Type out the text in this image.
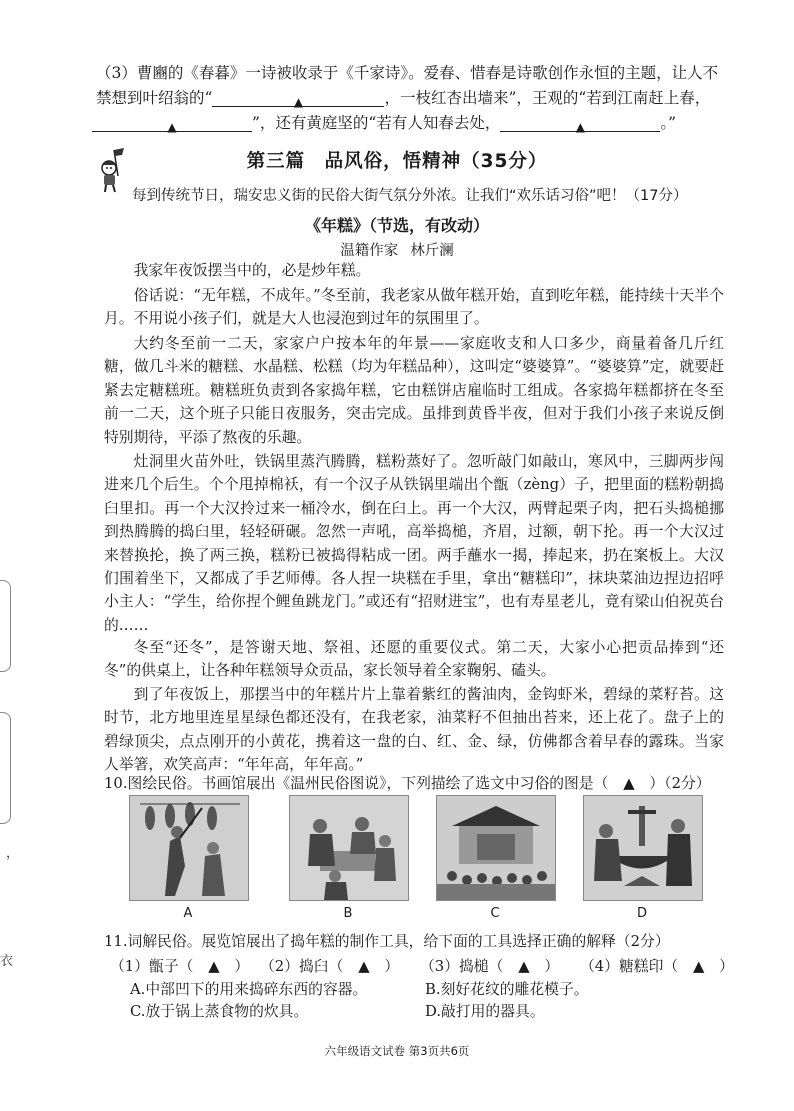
（3）曹豳的《春暮》一诗被收录于《千家诗》。爱春、惜春是诗歌创作永恒的主题，让人不
禁想到叶绍翁的“	▲	，一枝红杏出墙来”，王观的“若到江南赶上春，
▲	”，还有黄庭坚的“若有人知春去处，	▲	。”
第三篇　品风俗，悟精神（35分）
每到传统节日，瑞安忠义街的民俗大街气氛分外浓。让我们“欢乐话习俗”吧！（17分）
《年糕》（节选，有改动）
温籍作家 林斤澜
我家年夜饭摆当中的，必是炒年糕。
俗话说：“无年糕，不成年。”冬至前，我老家从做年糕开始，直到吃年糕，能持续十天半个月。不用说小孩子们，就是大人也浸泡到过年的氛围里了。
大约冬至前一二天，家家户户按本年的年景——家庭收支和人口多少，商量着备几斤红糖，做几斗米的糖糕、水晶糕、松糕（均为年糕品种），这叫定“婆婆算”。“婆婆算”定，就要赶紧去定糖糕班。糖糕班负责到各家捣年糕，它由糕饼店雇临时工组成。各家捣年糕都挤在冬至前一二天，这个班子只能日夜服务，突击完成。虽排到黄昏半夜，但对于我们小孩子来说反倒特别期待，平添了熬夜的乐趣。
灶洞里火苗外吐，铁锅里蒸汽腾腾，糕粉蒸好了。忽听敲门如敲山，寒风中，三脚两步闯进来几个后生。个个甩掉棉袄，有一个汉子从铁锅里端出个甑（zèng）子，把里面的糕粉朝捣臼里扣。再一个大汉拎过来一桶冷水，倒在臼上。再一个大汉，两臂起栗子肉，把石头捣槌挪到热腾腾的捣臼里，轻轻研碾。忽然一声吼，高举捣槌，齐眉，过额，朝下抡。再一个大汉过来替换抡，换了两三换，糕粉已被捣得粘成一团。两手蘸水一揭，捧起来，扔在案板上。大汉们围着坐下，又都成了手艺师傅。各人捏一块糕在手里，拿出“糖糕印”，抹块菜油边捏边招呼小主人：“学生，给你捏个鲤鱼跳龙门。”或还有“招财进宝”，也有寿星老儿，竟有梁山伯祝英台的……
冬至“还冬”，是答谢天地、祭祖、还愿的重要仪式。第二天，大家小心把贡品捧到“还冬”的供桌上，让各种年糕领导众贡品，家长领导着全家鞠躬、磕头。
到了年夜饭上，那摆当中的年糕片片上靠着紫红的酱油肉，金钩虾米，碧绿的菜籽苔。这时节，北方地里连星星绿色都还没有，在我老家，油菜籽不但抽出苔来，还上花了。盘子上的碧绿顶尖，点点刚开的小黄花，携着这一盘的白、红、金、绿，仿佛都含着早春的露珠。当家人举箸，欢笑高声：“年年高，年年高。”
10.图绘民俗。书画馆展出《温州民俗图说》，下列描绘了选文中习俗的图是（　▲　）（2分）
A	B	C	D
11.词解民俗。展览馆展出了捣年糕的制作工具，给下面的工具选择正确的解释（2分）
（1）甑子（　▲　） （2）捣臼（　▲　） （3）捣槌（　▲　） （4）糖糕印（　▲　）
A.中部凹下的用来捣碎东西的容器。	B.刻好花纹的雕花模子。
C.放于锅上蒸食物的炊具。	D.敲打用的器具。
六年级语文试卷 第3页共6页
，
衣
